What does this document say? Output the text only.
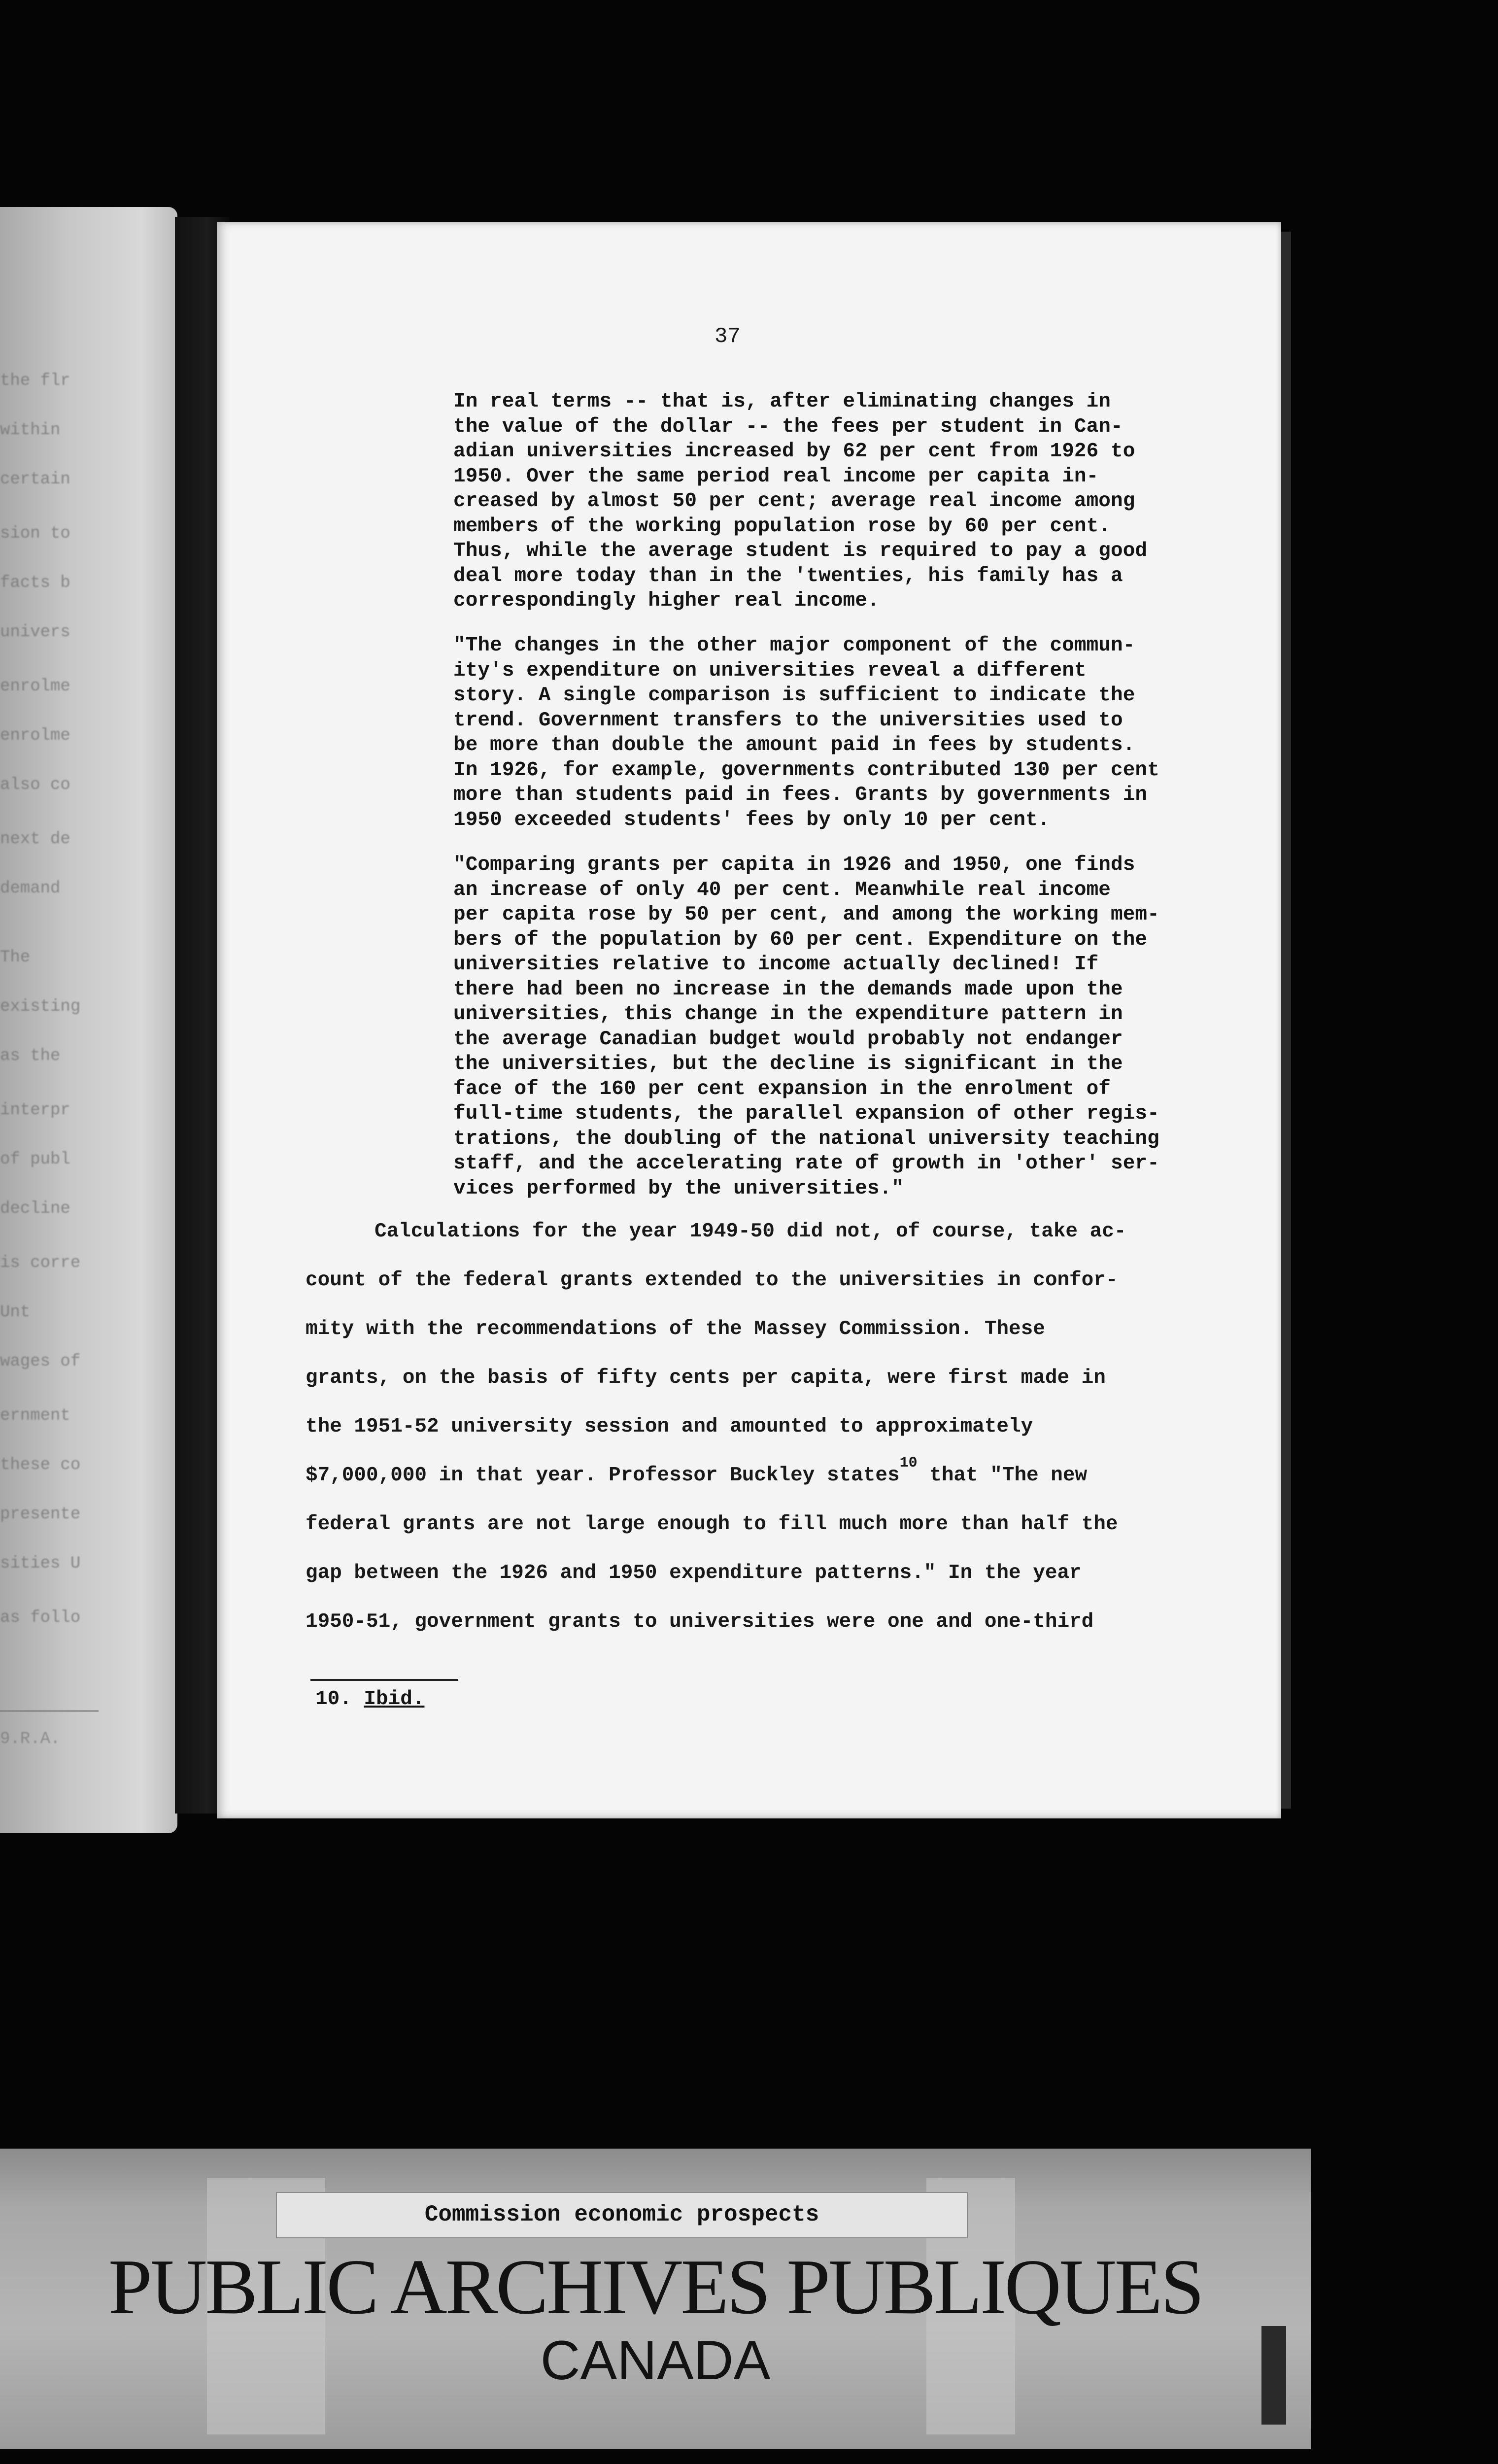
the flr
within
certain
sion to
facts b
univers
enrolme
enrolme
also co
next de
demand
The
existing
as the
interpr
of publ
decline
is corre
Unt
wages of
ernment
these co
presente
sities U
as follo
9.R.A.
37
In real terms -- that is, after eliminating changes in
the value of the dollar -- the fees per student in Can-
adian universities increased by 62 per cent from 1926 to
1950. Over the same period real income per capita in-
creased by almost 50 per cent; average real income among
members of the working population rose by 60 per cent.
Thus, while the average student is required to pay a good
deal more today than in the 'twenties, his family has a
correspondingly higher real income.
"The changes in the other major component of the commun-
ity's expenditure on universities reveal a different
story. A single comparison is sufficient to indicate the
trend. Government transfers to the universities used to
be more than double the amount paid in fees by students.
In 1926, for example, governments contributed 130 per cent
more than students paid in fees. Grants by governments in
1950 exceeded students' fees by only 10 per cent.
"Comparing grants per capita in 1926 and 1950, one finds
an increase of only 40 per cent. Meanwhile real income
per capita rose by 50 per cent, and among the working mem-
bers of the population by 60 per cent. Expenditure on the
universities relative to income actually declined! If
there had been no increase in the demands made upon the
universities, this change in the expenditure pattern in
the average Canadian budget would probably not endanger
the universities, but the decline is significant in the
face of the 160 per cent expansion in the enrolment of
full-time students, the parallel expansion of other regis-
trations, the doubling of the national university teaching
staff, and the accelerating rate of growth in 'other' ser-
vices performed by the universities."
Calculations for the year 1949-50 did not, of course, take ac-
count of the federal grants extended to the universities in confor-
mity with the recommendations of the Massey Commission. These
grants, on the basis of fifty cents per capita, were first made in
the 1951-52 university session and amounted to approximately
$7,000,000 in that year. Professor Buckley states$^{10}$ that "The new
federal grants are not large enough to fill much more than half the
gap between the 1926 and 1950 expenditure patterns." In the year
1950-51, government grants to universities were one and one-third
10. Ibid.
Commission economic prospects
PUBLIC ARCHIVES PUBLIQUES
CANADA
